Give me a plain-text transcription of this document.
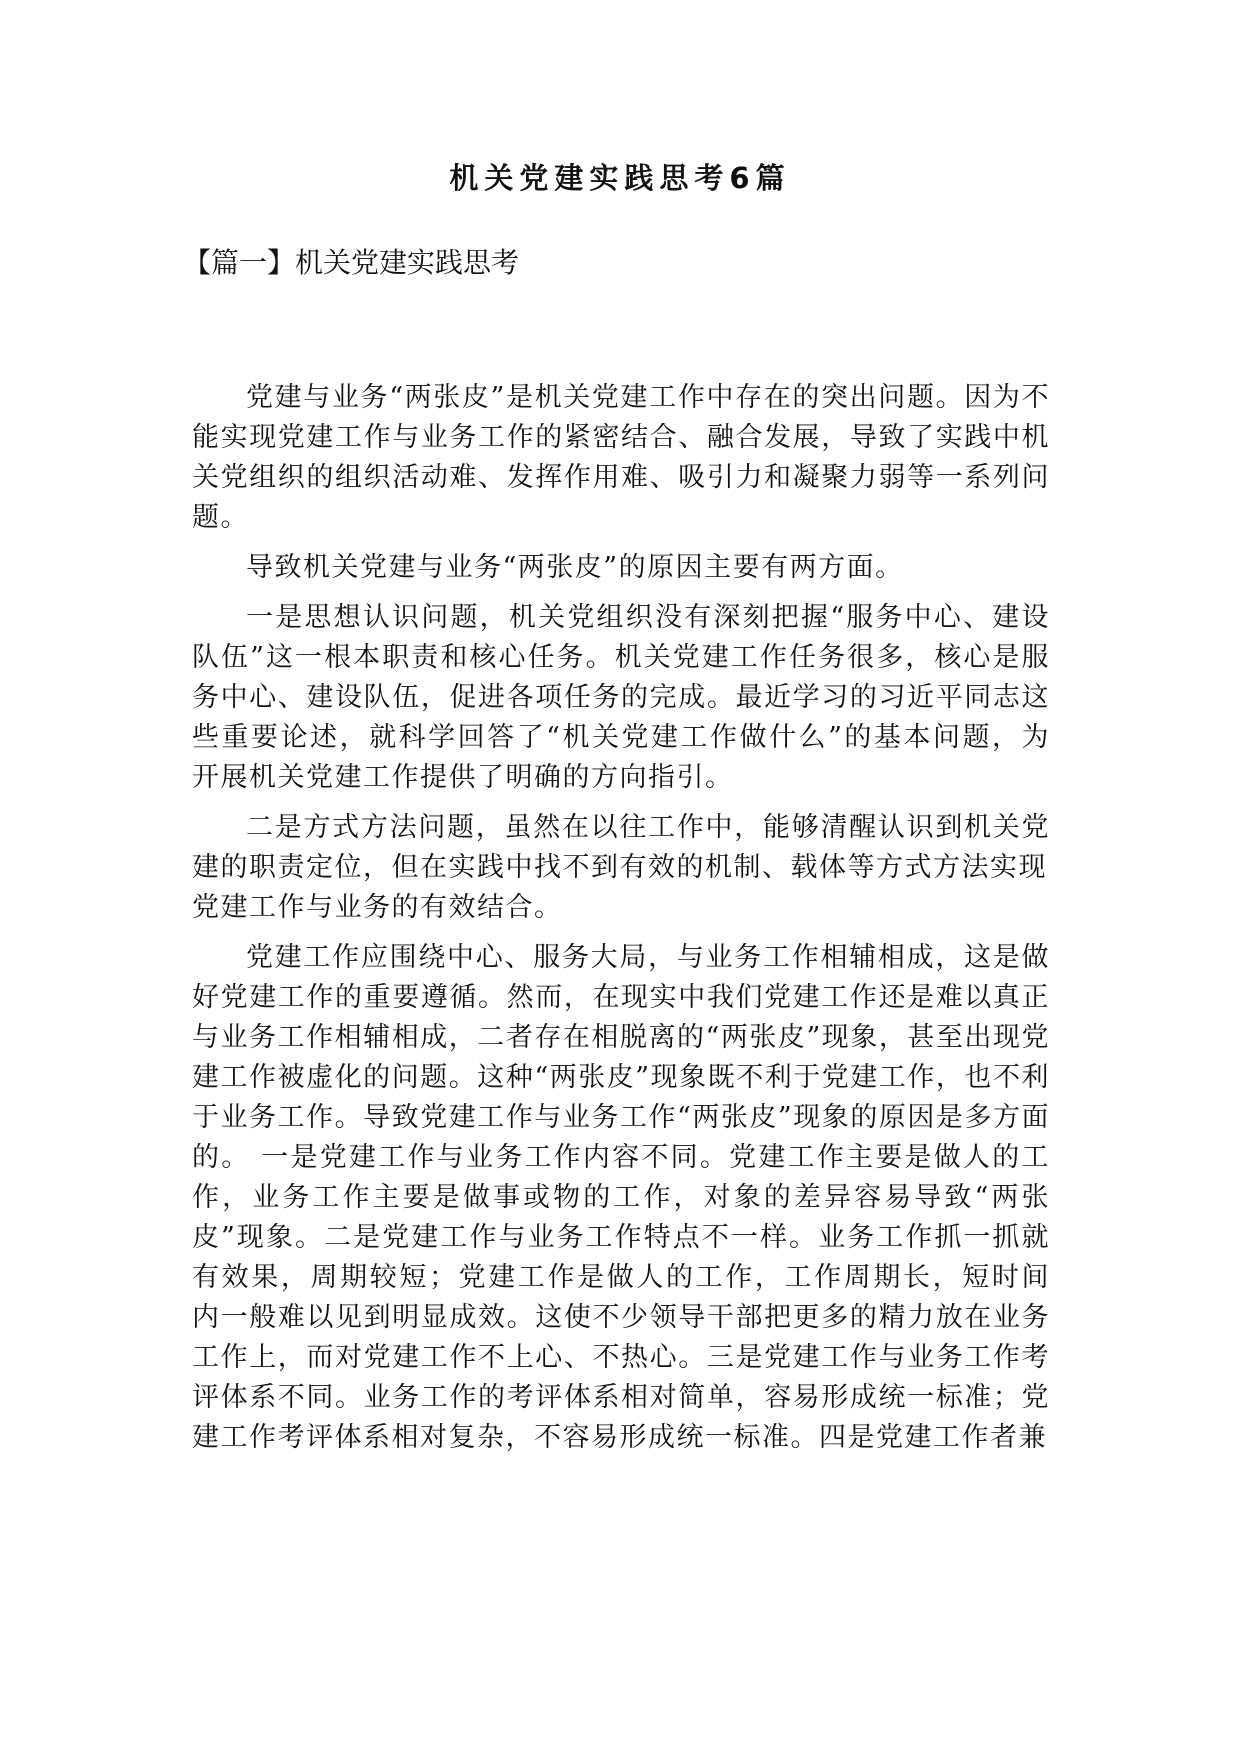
机关党建实践思考6篇
【篇一】机关党建实践思考

党建与业务“两张皮”是机关党建工作中存在的突出问题。因为不能实现党建工作与业务工作的紧密结合、融合发展，导致了实践中机关党组织的组织活动难、发挥作用难、吸引力和凝聚力弱等一系列问题。

导致机关党建与业务“两张皮”的原因主要有两方面。

一是思想认识问题，机关党组织没有深刻把握“服务中心、建设队伍”这一根本职责和核心任务。机关党建工作任务很多，核心是服务中心、建设队伍，促进各项任务的完成。最近学习的习近平同志这些重要论述，就科学回答了“机关党建工作做什么”的基本问题，为 开展机关党建工作提供了明确的方向指引。

二是方式方法问题，虽然在以往工作中，能够清醒认识到机关党 建的职责定位，但在实践中找不到有效的机制、载体等方式方法实现

党建工作与业务的有效结合。

党建工作应围绕中心、服务大局，与业务工作相辅相成，这是做好党建工作的重要遵循。然而，在现实中我们党建工作还是难以真正与业务工作相辅相成，二者存在相脱离的“两张皮”现象，甚至出现党建工作被虚化的问题。这种“两张皮”现象既不利于党建工作，也不利于业务工作。导致党建工作与业务工作“两张皮”现象的原因是多方面的。 一是党建工作与业务工作内容不同。党建工作主要是做人的工作，业务工作主要是做事或物的工作，对象的差异容易导致“两张皮”现象。二是党建工作与业务工作特点不一样。业务工作抓一抓就有效果，周期较短；党建工作是做人的工作，工作周期长，短时间 内一般难以见到明显成效。这使不少领导干部把更多的精力放在业务 工作上，而对党建工作不上心、不热心。三是党建工作与业务工作考 评体系不同。业务工作的考评体系相对简单，容易形成统一标准；党 建工作考评体系相对复杂，不容易形成统一标准。四是党建工作者兼
